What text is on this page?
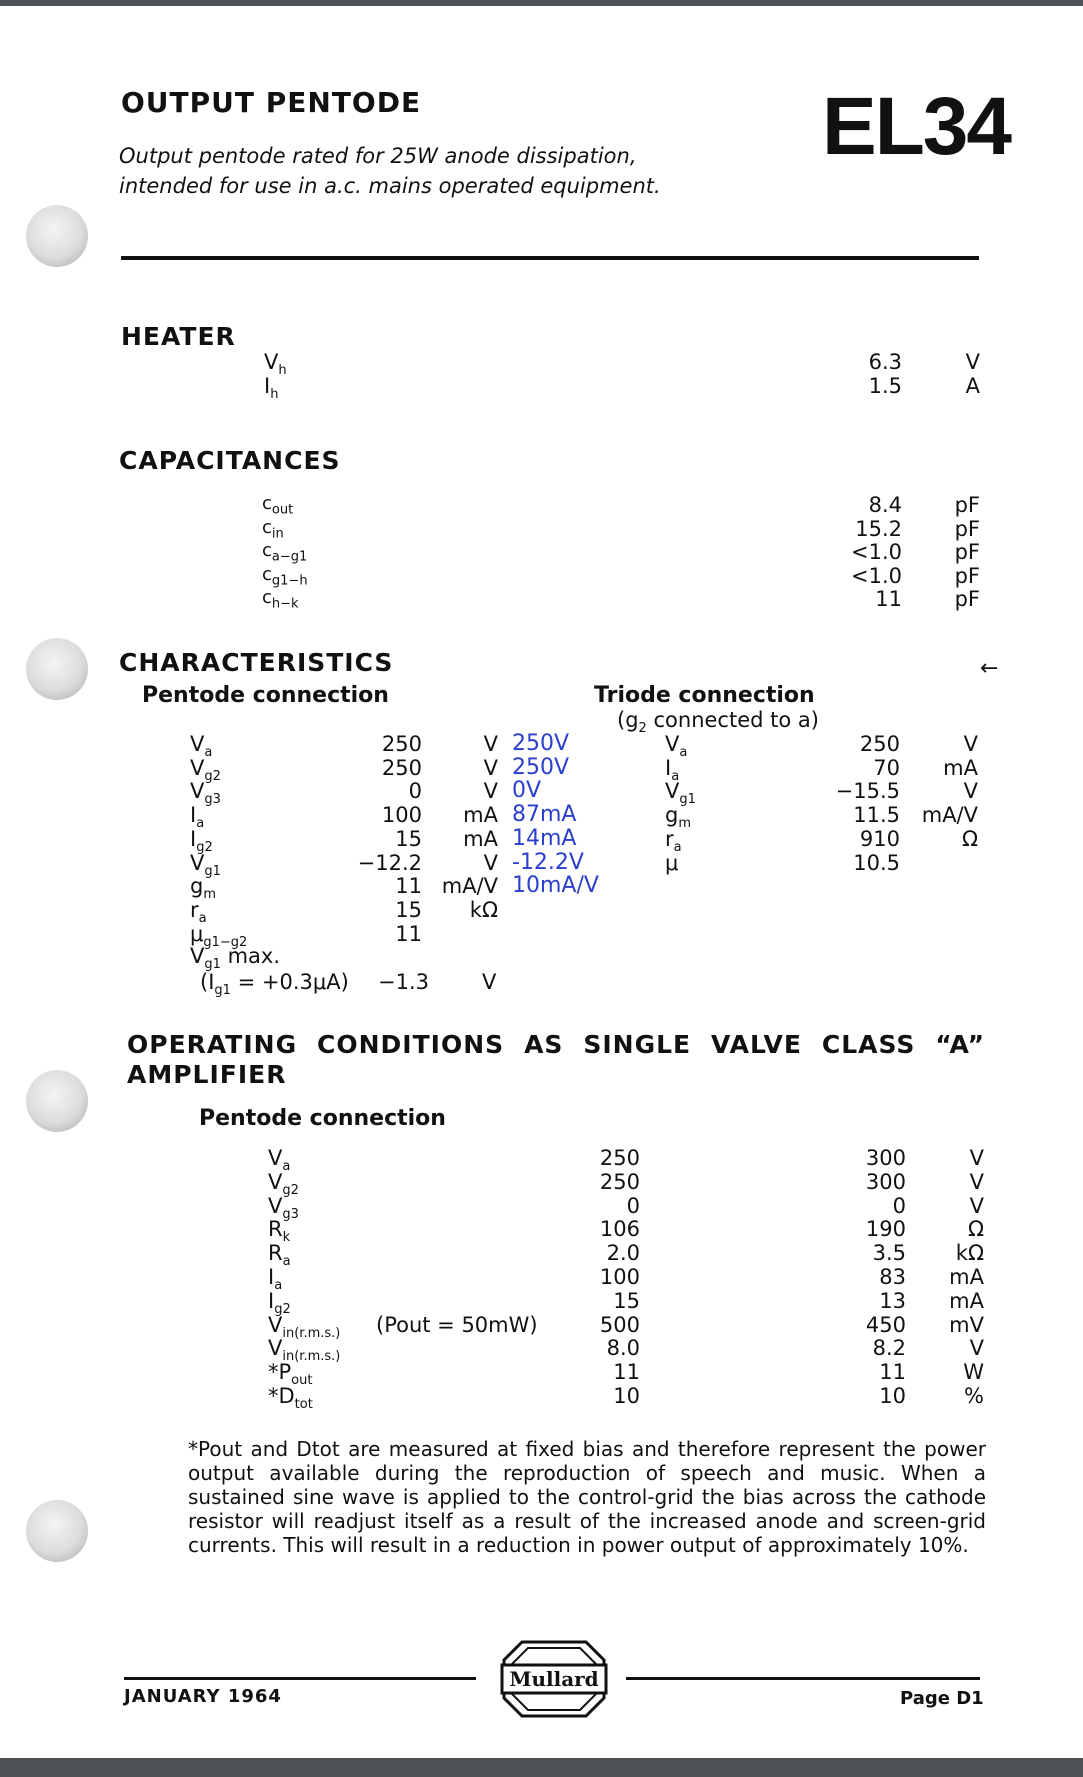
OUTPUT PENTODE	EL34
Output pentode rated for 25W anode dissipation,
intended for use in a.c. mains operated equipment.
HEATER
$V_h$	6.3	V
$I_h$	1.5	A
CAPACITANCES
$c_{out}$	8.4	pF
$c_{in}$	15.2	pF
$c_{a-g1}$	<1.0	pF
$c_{g1-h}$	<1.0	pF
$c_{h-k}$	11	pF
CHARACTERISTICS	←
Pentode connection	Triode connection
($g_2$ connected to a)
$V_a$	250	V 250V
$V_{g2}$	250	V 250V
$V_{g3}$	0	V 0V
$I_a$	100	mA 87mA
$I_{g2}$	15	mA 14mA
$V_{g1}$	−12.2	V -12.2V
$g_m$	11 mA/V 10mA/V
$r_a$	15	kΩ
$\mu_{g1-g2}$	11
$V_a$	250	V
$I_a$	70	mA
$V_{g1}$	−15.5	V
$g_m$	11.5	mA/V
$r_a$	910	Ω
μ	10.5
$V_{g1}$ max.
$(I_{g1} = +0.3\mu A) -1.3$	V
OPERATING CONDITIONS AS SINGLE VALVE CLASS “A”
AMPLIFIER
Pentode connection
$V_a$	250	300	V
$V_{g2}$	250	300	V
$V_{g3}$	0	0	V
$R_k$	106	190	Ω
$R_a$	2.0	3.5	kΩ
$I_a$	100	83	mA
$I_{g2}$	15	13	mA
$V_{in(r.m.s.)}$ (Pout = 50mW)	500	450	mV
$V_{in(r.m.s.)}$	8.0	8.2	V
$*P_{out}$	11	11	W
$*D_{tot}$	10	10	%
*Pout and Dtot are measured at fixed bias and therefore represent the power output available during the reproduction of speech and music. When a sustained sine wave is applied to the control-grid the bias across the cathode resistor will readjust itself as a result of the increased anode and screen-grid currents. This will result in a reduction in power output of approximately 10%.
JANUARY 1964
Mullard
Page D1
